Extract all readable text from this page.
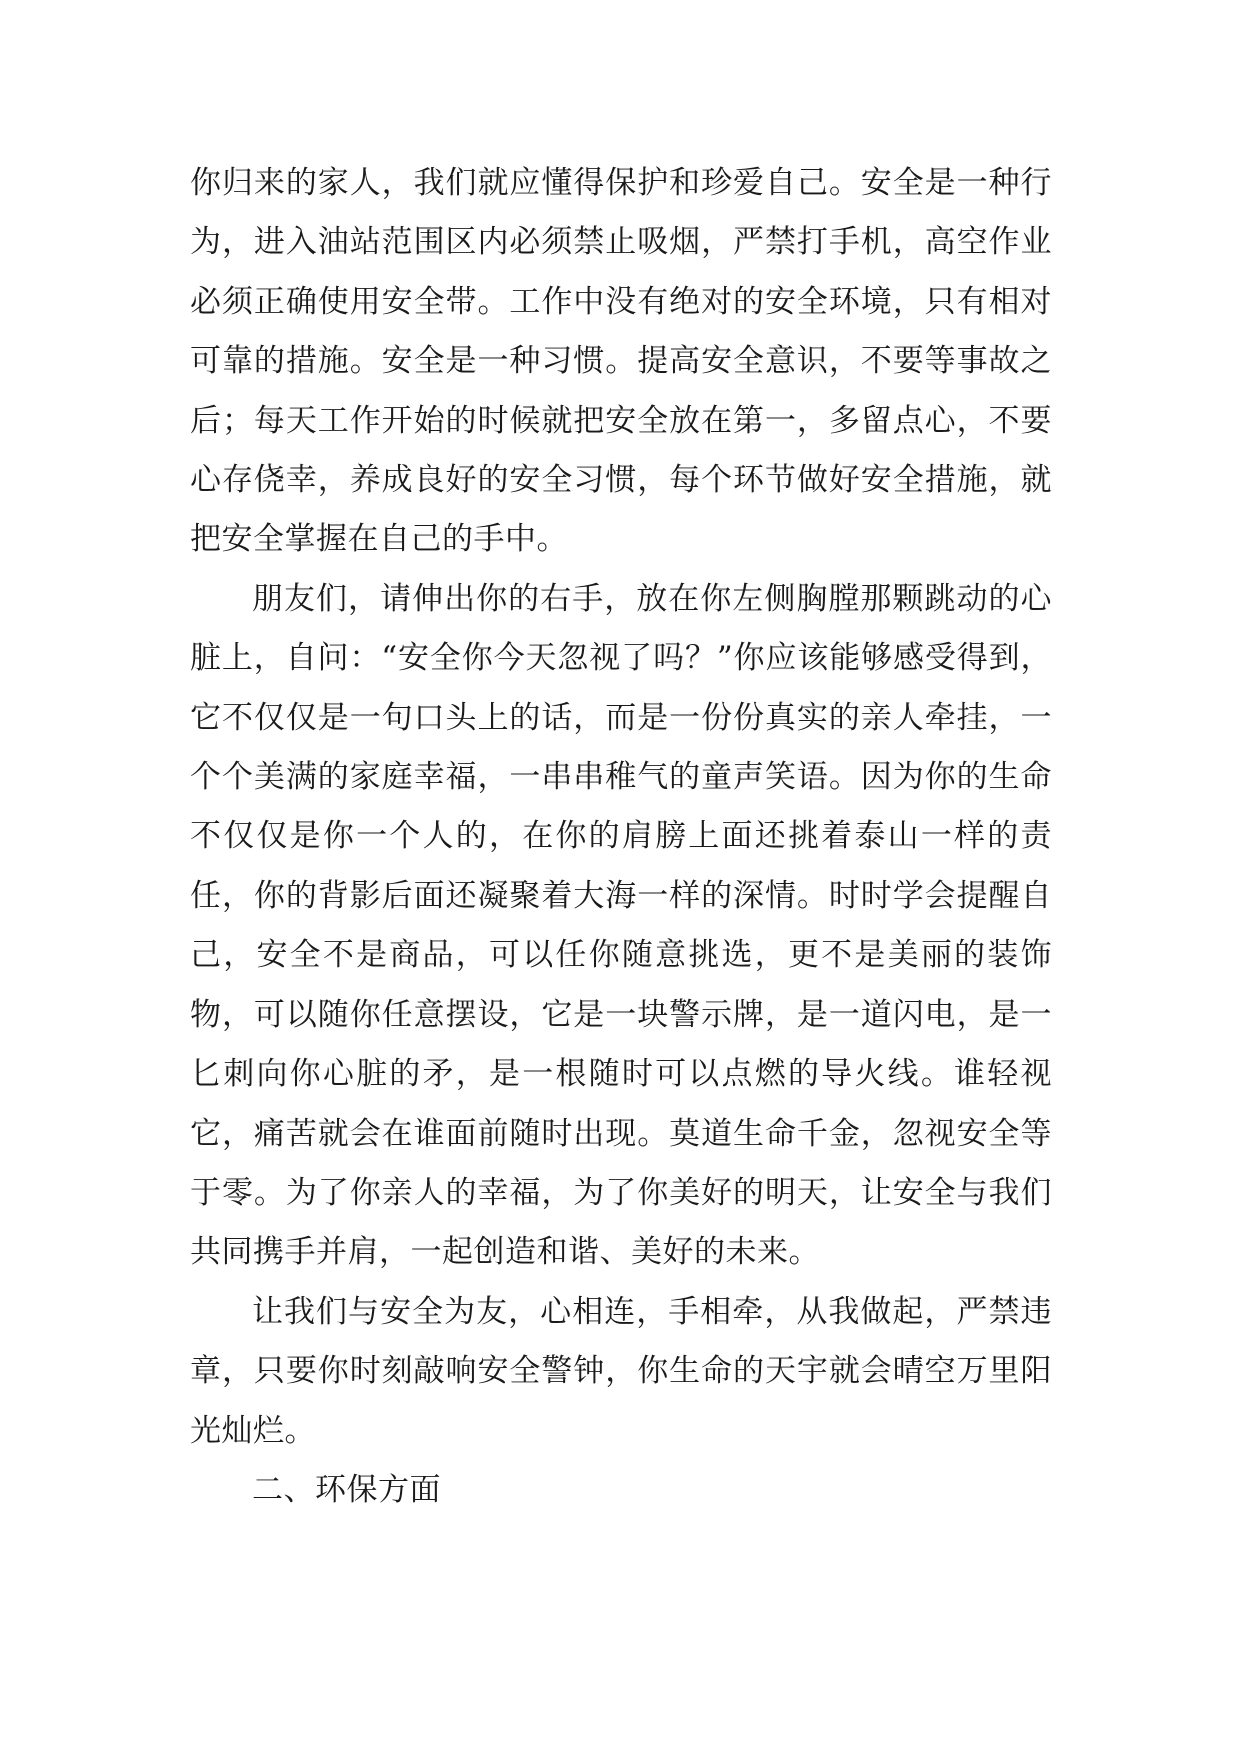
你归来的家人，我们就应懂得保护和珍爱自己。安全是一种行为，进入油站范围区内必须禁止吸烟，严禁打手机，高空作业必须正确使用安全带。工作中没有绝对的安全环境，只有相对可靠的措施。安全是一种习惯。提高安全意识，不要等事故之后；每天工作开始的时候就把安全放在第一，多留点心，不要心存侥幸，养成良好的安全习惯，每个环节做好安全措施，就把安全掌握在自己的手中。

朋友们，请伸出你的右手，放在你左侧胸膛那颗跳动的心脏上，自问：“安全你今天忽视了吗？”你应该能够感受得到，它不仅仅是一句口头上的话，而是一份份真实的亲人牵挂，一个个美满的家庭幸福，一串串稚气的童声笑语。因为你的生命不仅仅是你一个人的，在你的肩膀上面还挑着泰山一样的责任，你的背影后面还凝聚着大海一样的深情。时时学会提醒自己，安全不是商品，可以任你随意挑选，更不是美丽的装饰物，可以随你任意摆设，它是一块警示牌，是一道闪电，是一匕刺向你心脏的矛，是一根随时可以点燃的导火线。谁轻视它，痛苦就会在谁面前随时出现。莫道生命千金，忽视安全等于零。为了你亲人的幸福，为了你美好的明天，让安全与我们共同携手并肩，一起创造和谐、美好的未来。

让我们与安全为友，心相连，手相牵，从我做起，严禁违章，只要你时刻敲响安全警钟，你生命的天宇就会晴空万里阳光灿烂。

二、环保方面
